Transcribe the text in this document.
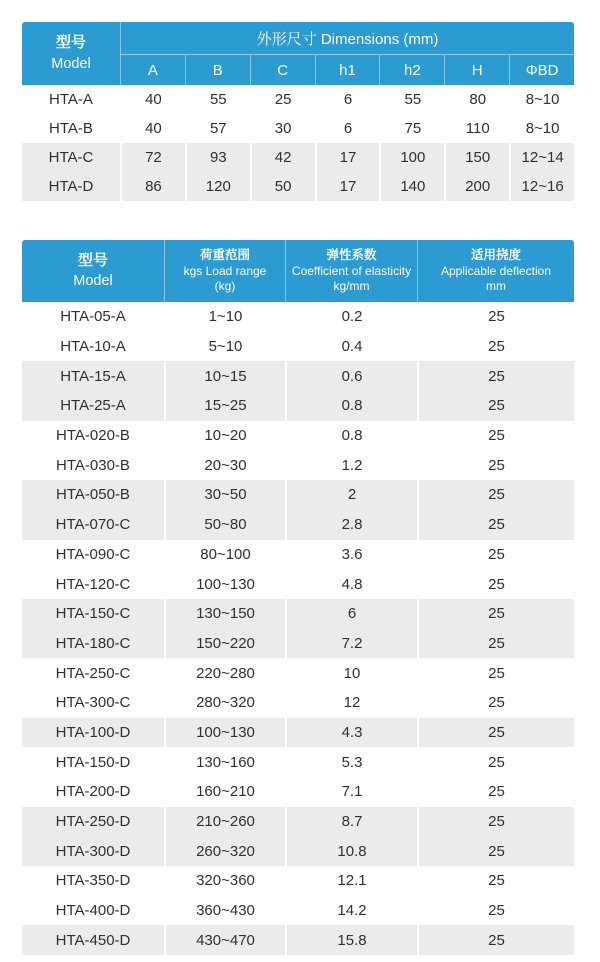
型号
Model	外形尺寸 Dimensions (mm)						
	A	B	C	h1	h2	H	ΦBD
HTA-A	40	55	25	6	55	80	8~10
HTA-B	40	57	30	6	75	110	8~10
HTA-C	72	93	42	17	100	150	12~14
HTA-D	86	120	50	17	140	200	12~16
型号
Model

荷重范围
kgs Load range
(kg)

弹性系数
Coefficient of elasticity
kg/mm

适用挠度
Applicable deflection
mm

HTA-05-A	1~10	0.2	25
HTA-10-A	5~10	0.4	25
HTA-15-A	10~15	0.6	25
HTA-25-A	15~25	0.8	25
HTA-020-B	10~20	0.8	25
HTA-030-B	20~30	1.2	25
HTA-050-B	30~50	2	25
HTA-070-C	50~80	2.8	25
HTA-090-C	80~100	3.6	25
HTA-120-C	100~130	4.8	25
HTA-150-C	130~150	6	25
HTA-180-C	150~220	7.2	25
HTA-250-C	220~280	10	25
HTA-300-C	280~320	12	25
HTA-100-D	100~130	4.3	25
HTA-150-D	130~160	5.3	25
HTA-200-D	160~210	7.1	25
HTA-250-D	210~260	8.7	25
HTA-300-D	260~320	10.8	25
HTA-350-D	320~360	12.1	25
HTA-400-D	360~430	14.2	25
HTA-450-D	430~470	15.8	25
